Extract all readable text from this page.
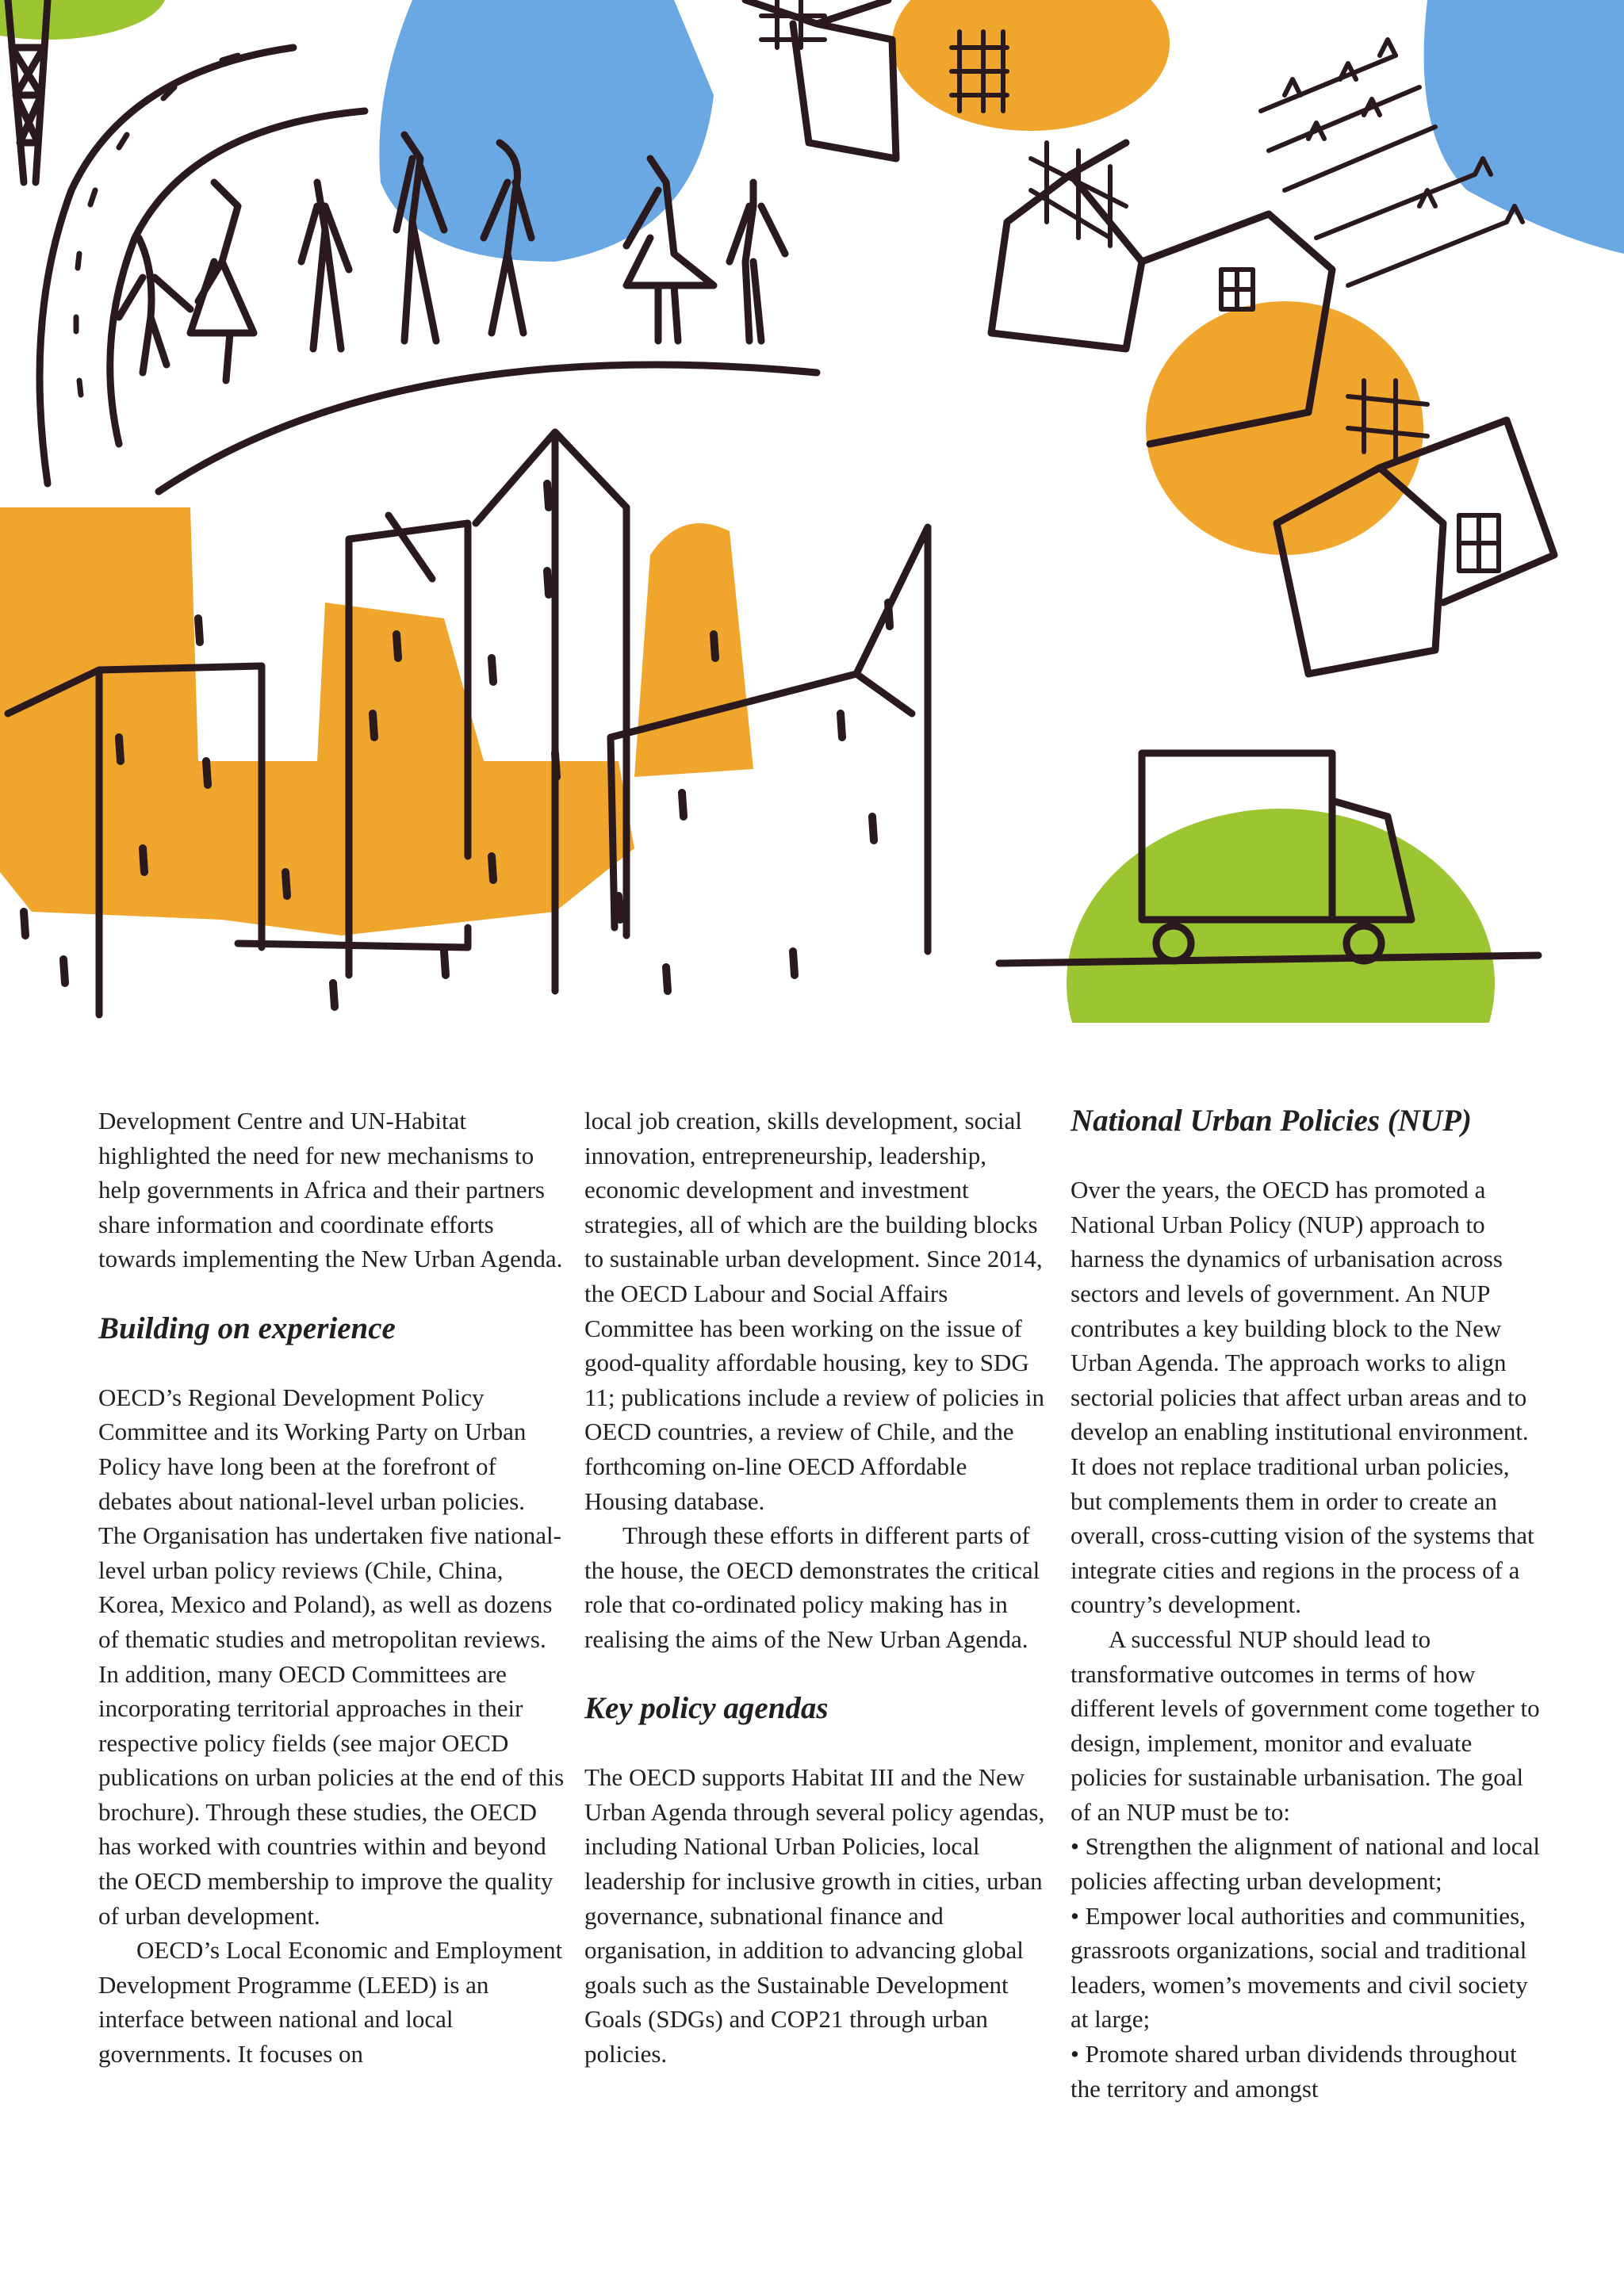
Development Centre and UN-Habitat highlighted the need for new mechanisms to help governments in Africa and their partners share information and coordinate efforts towards implementing the New Urban Agenda.

Building on experience

OECD’s Regional Development Policy Committee and its Working Party on Urban Policy have long been at the forefront of debates about national-level urban policies. The Organisation has undertaken five national-level urban policy reviews (Chile, China, Korea, Mexico and Poland), as well as dozens of thematic studies and metropolitan reviews. In addition, many OECD Committees are incorporating territorial approaches in their respective policy fields (see major OECD publications on urban policies at the end of this brochure). Through these studies, the OECD has worked with countries within and beyond the OECD membership to improve the quality of urban development.

OECD’s Local Economic and Employment Development Programme (LEED) is an interface between national and local governments. It focuses on

local job creation, skills development, social innovation, entrepreneurship, leadership, economic development and investment strategies, all of which are the building blocks to sustainable urban development. Since 2014, the OECD Labour and Social Affairs Committee has been working on the issue of good-quality affordable housing, key to SDG 11; publications include a review of policies in OECD countries, a review of Chile, and the forthcoming on-line OECD Affordable Housing database.

Through these efforts in different parts of the house, the OECD demonstrates the critical role that co-ordinated policy making has in realising the aims of the New Urban Agenda.

Key policy agendas

The OECD supports Habitat III and the New Urban Agenda through several policy agendas, including National Urban Policies, local leadership for inclusive growth in cities, urban governance, subnational finance and organisation, in addition to advancing global goals such as the Sustainable Development Goals (SDGs) and COP21 through urban policies.

National Urban Policies (NUP)

Over the years, the OECD has promoted a National Urban Policy (NUP) approach to harness the dynamics of urbanisation across sectors and levels of government. An NUP contributes a key building block to the New Urban Agenda. The approach works to align sectorial policies that affect urban areas and to develop an enabling institutional environment. It does not replace traditional urban policies, but complements them in order to create an overall, cross-cutting vision of the systems that integrate cities and regions in the process of a country’s development.

A successful NUP should lead to transformative outcomes in terms of how different levels of government come together to design, implement, monitor and evaluate policies for sustainable urbanisation. The goal of an NUP must be to:

• Strengthen the alignment of national and local policies affecting urban development;

• Empower local authorities and communities, grassroots organizations, social and traditional leaders, women’s movements and civil society at large;

• Promote shared urban dividends throughout the territory and amongst
